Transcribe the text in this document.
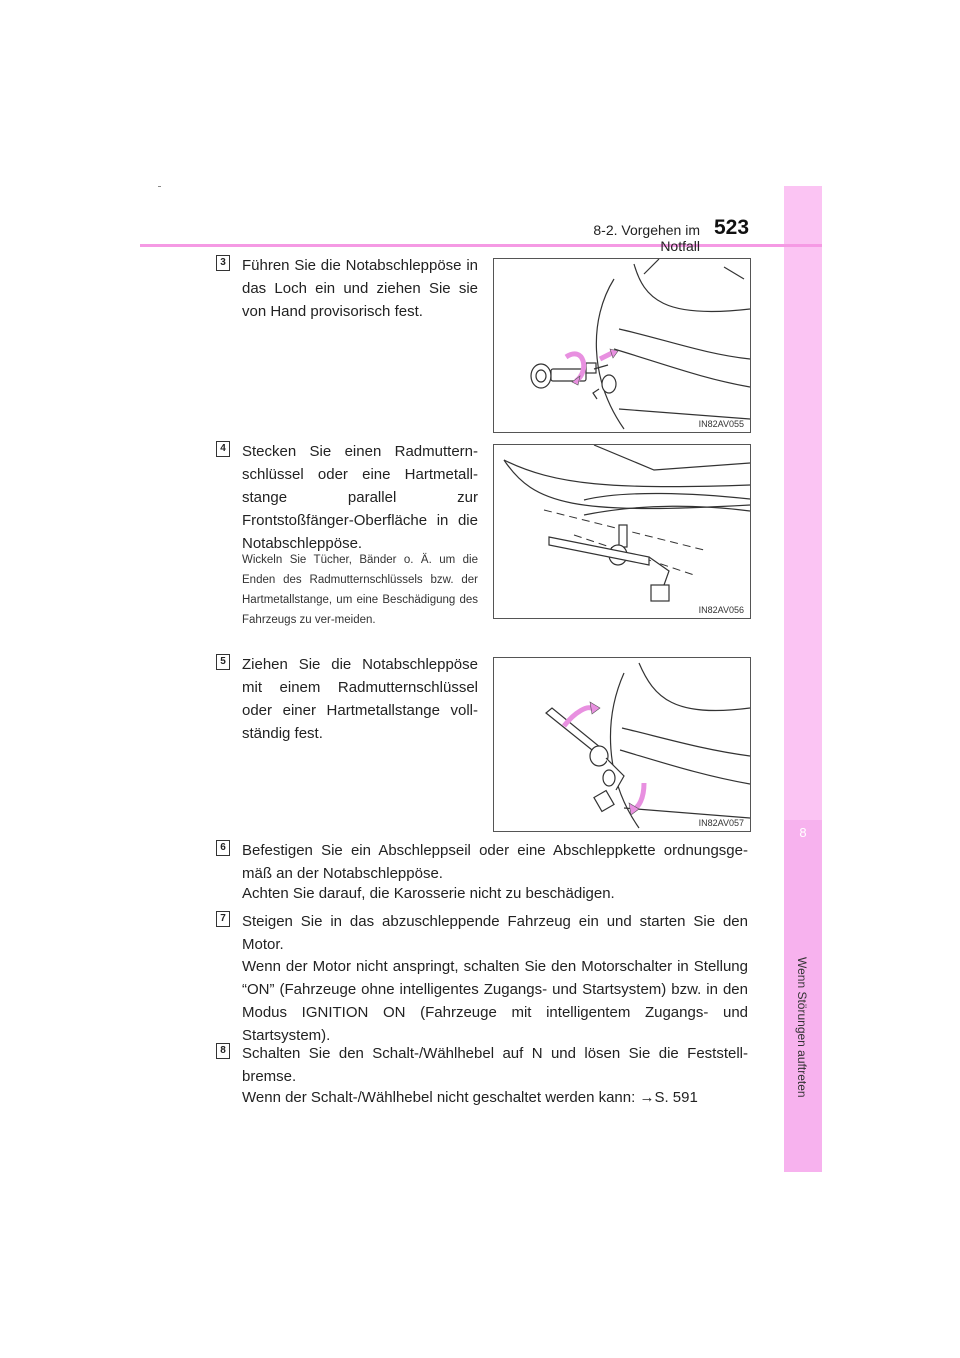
8-2. Vorgehen im Notfall
523
8
Wenn Störungen auftreten
3 Führen Sie die Notabschleppöse in das Loch ein und ziehen Sie sie von Hand provisorisch fest.
IN82AV055
4 Stecken Sie einen Radmuttern-schlüssel oder eine Hartmetall-stange parallel zur Frontstoßfänger-Oberfläche in die Notabschleppöse.
Wickeln Sie Tücher, Bänder o. Ä. um die Enden des Radmutternschlüssels bzw. der Hartmetallstange, um eine Beschädigung des Fahrzeugs zu ver-meiden.
IN82AV056
5 Ziehen Sie die Notabschleppöse mit einem Radmutternschlüssel oder einer Hartmetallstange voll-ständig fest.
IN82AV057
6 Befestigen Sie ein Abschleppseil oder eine Abschleppkette ordnungsge-mäß an der Notabschleppöse.
Achten Sie darauf, die Karosserie nicht zu beschädigen.
7 Steigen Sie in das abzuschleppende Fahrzeug ein und starten Sie den Motor.
Wenn der Motor nicht anspringt, schalten Sie den Motorschalter in Stellung “ON” (Fahrzeuge ohne intelligentes Zugangs- und Startsystem) bzw. in den Modus IGNITION ON (Fahrzeuge mit intelligentem Zugangs- und Startsystem).
8 Schalten Sie den Schalt-/Wählhebel auf N und lösen Sie die Feststell-bremse.
Wenn der Schalt-/Wählhebel nicht geschaltet werden kann: →S. 591
